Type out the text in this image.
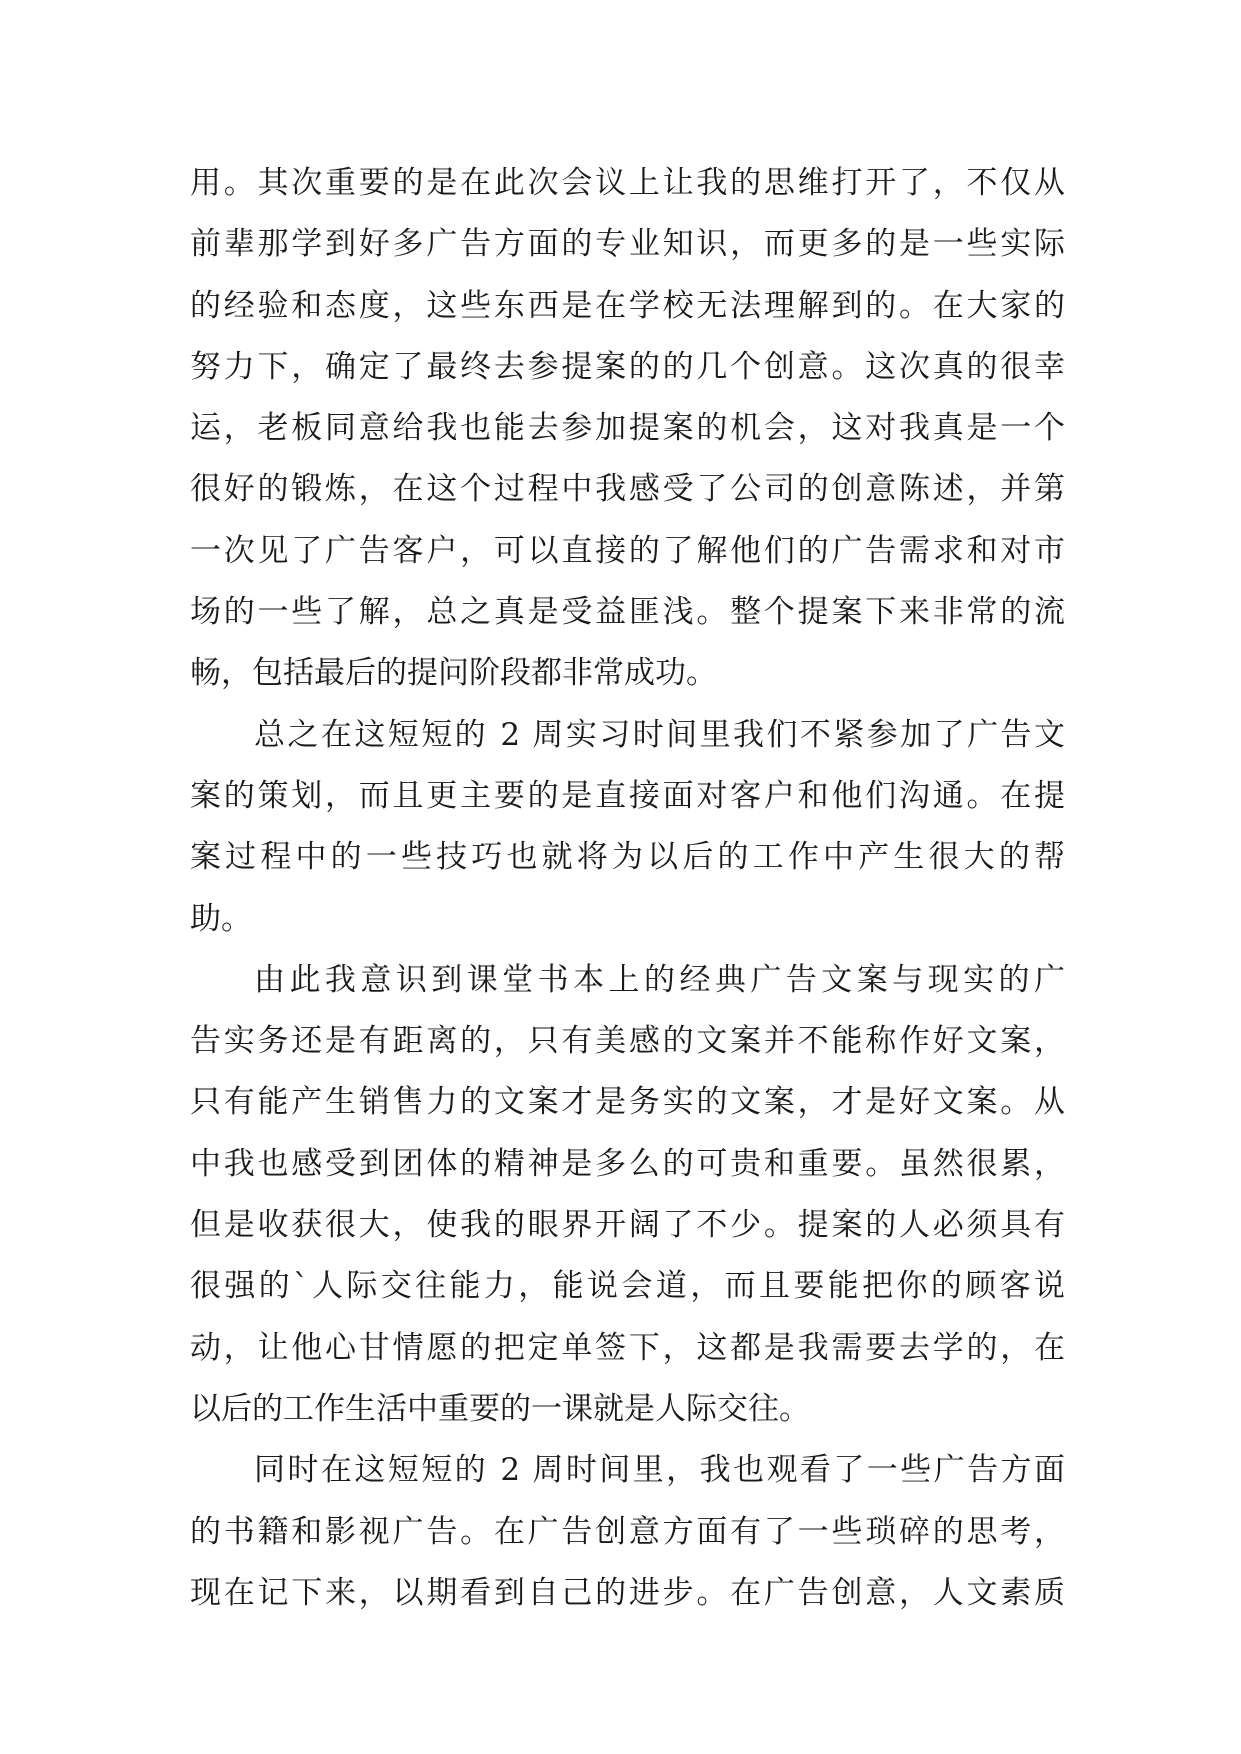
用。其次重要的是在此次会议上让我的思维打开了，不仅从
前辈那学到好多广告方面的专业知识，而更多的是一些实际
的经验和态度，这些东西是在学校无法理解到的。在大家的
努力下，确定了最终去参提案的的几个创意。这次真的很幸
运，老板同意给我也能去参加提案的机会，这对我真是一个
很好的锻炼，在这个过程中我感受了公司的创意陈述，并第
一次见了广告客户，可以直接的了解他们的广告需求和对市
场的一些了解，总之真是受益匪浅。整个提案下来非常的流
畅，包括最后的提问阶段都非常成功。
总之在这短短的 2 周实习时间里我们不紧参加了广告文
案的策划，而且更主要的是直接面对客户和他们沟通。在提
案过程中的一些技巧也就将为以后的工作中产生很大的帮
助。
由此我意识到课堂书本上的经典广告文案与现实的广
告实务还是有距离的，只有美感的文案并不能称作好文案，
只有能产生销售力的文案才是务实的文案，才是好文案。从
中我也感受到团体的精神是多么的可贵和重要。虽然很累，
但是收获很大，使我的眼界开阔了不少。提案的人必须具有
很强的`人际交往能力，能说会道，而且要能把你的顾客说
动，让他心甘情愿的把定单签下，这都是我需要去学的，在
以后的工作生活中重要的一课就是人际交往。
同时在这短短的 2 周时间里，我也观看了一些广告方面
的书籍和影视广告。在广告创意方面有了一些琐碎的思考，
现在记下来，以期看到自己的进步。在广告创意，人文素质
